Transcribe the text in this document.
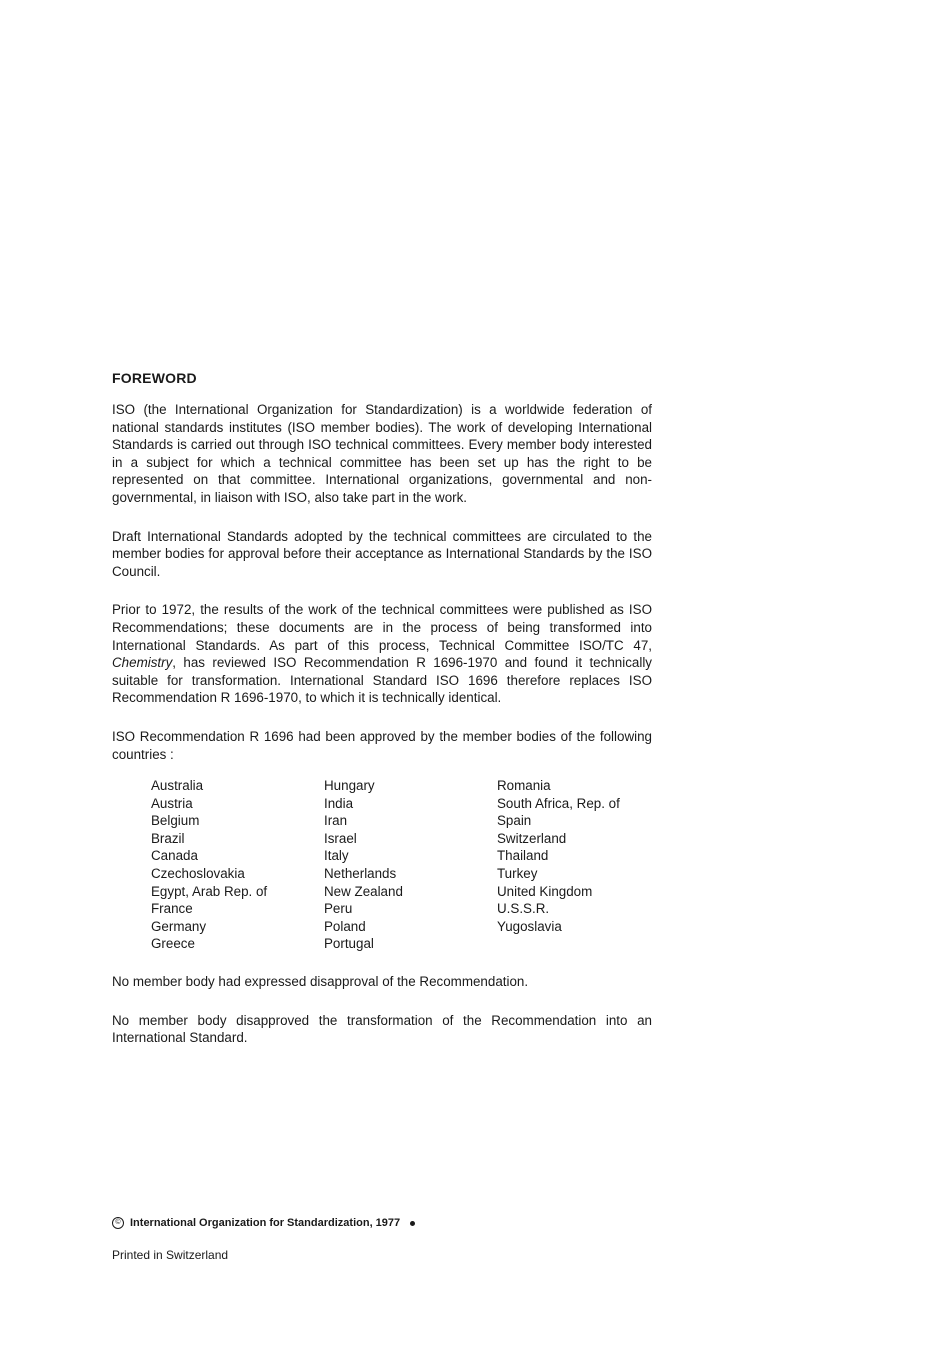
FOREWORD

ISO (the International Organization for Standardization) is a worldwide federation of national standards institutes (ISO member bodies). The work of developing International Standards is carried out through ISO technical committees. Every member body interested in a subject for which a technical committee has been set up has the right to be represented on that committee. International organizations, governmental and non-governmental, in liaison with ISO, also take part in the work.

Draft International Standards adopted by the technical committees are circulated to the member bodies for approval before their acceptance as International Standards by the ISO Council.

Prior to 1972, the results of the work of the technical committees were published as ISO Recommendations; these documents are in the process of being transformed into International Standards. As part of this process, Technical Committee ISO/TC 47, Chemistry, has reviewed ISO Recommendation R 1696-1970 and found it technically suitable for transformation. International Standard ISO 1696 therefore replaces ISO Recommendation R 1696-1970, to which it is technically identical.

ISO Recommendation R 1696 had been approved by the member bodies of the following countries :

Australia
Austria
Belgium
Brazil
Canada
Czechoslovakia
Egypt, Arab Rep. of
France
Germany
Greece
Hungary
India
Iran
Israel
Italy
Netherlands
New Zealand
Peru
Poland
Portugal
Romania
South Africa, Rep. of
Spain
Switzerland
Thailand
Turkey
United Kingdom
U.S.S.R.
Yugoslavia

No member body had expressed disapproval of the Recommendation.

No member body disapproved the transformation of the Recommendation into an International Standard.

© International Organization for Standardization, 1977
Printed in Switzerland
